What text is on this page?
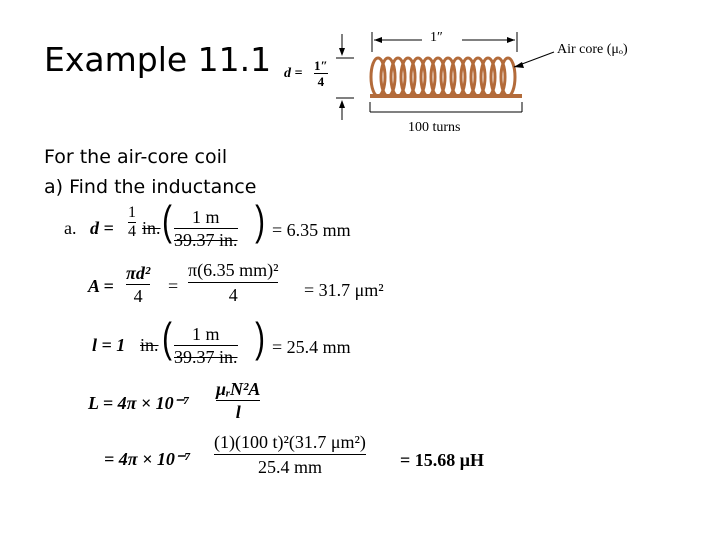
Example 11.1
For the air-core coil
a) Find the inductance
1″
$d = \frac{1''}{4}$
Air core (μₒ)
100 turns
a. $d = \frac{1}{4}$ in. ( $\frac{1 m}{39.37 in.}$ ) = 6.35 mm
$A = \frac{\text{πd²}}{4} = \frac{\text{π(6.35 mm)²}}{4} = 31.7$ μm²
l = 1 in. ( $\frac{1 m}{39.37 in.}$ ) = 25.4 mm
L = 4π × 10⁻⁷
μᵣN²A
l
= $4\pi \times 10^{-7} \frac{\text{(1)(100 t)²(31.7 μm²)}}{25.4 mm} = 15.68$ μH
